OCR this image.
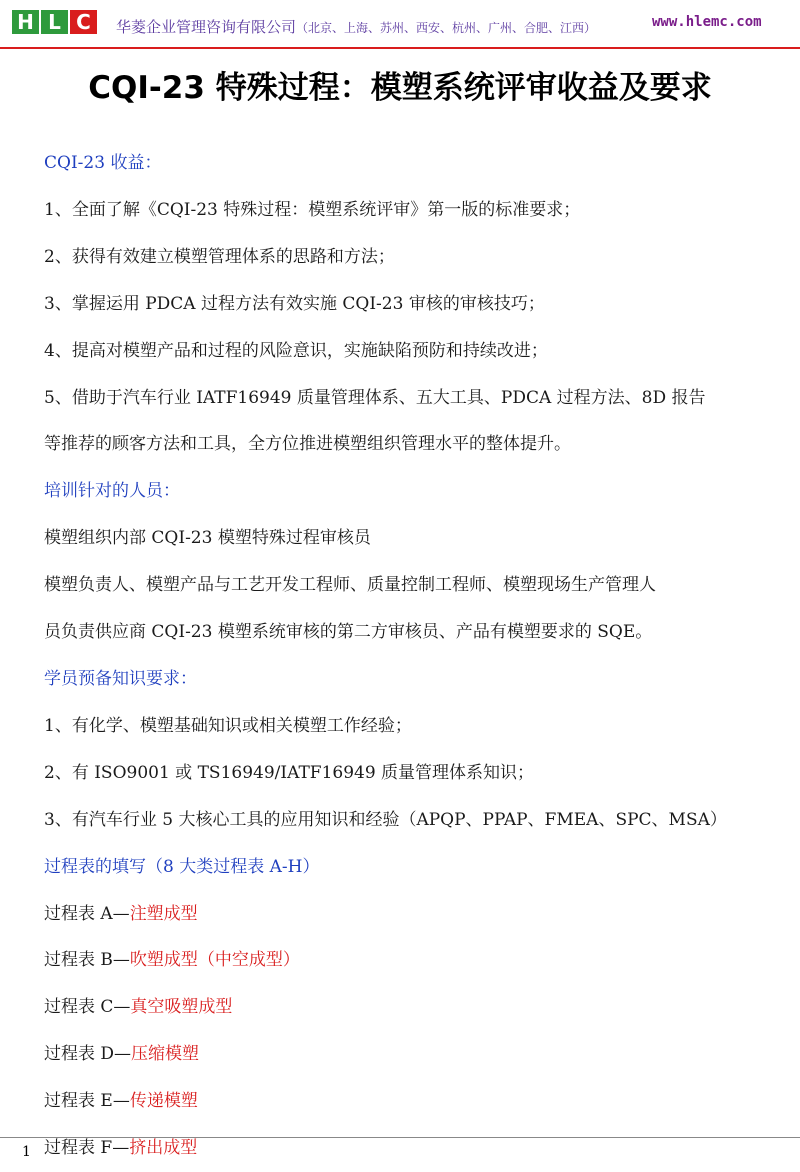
H L C	华菱企业管理咨询有限公司（北京、上海、苏州、西安、杭州、广州、合肥、江西）	www.hlemc.com
CQI-23 特殊过程：模塑系统评审收益及要求
CQI-23 收益：
1、全面了解《CQI-23 特殊过程：模塑系统评审》第一版的标准要求；
2、获得有效建立模塑管理体系的思路和方法；
3、掌握运用 PDCA 过程方法有效实施 CQI-23 审核的审核技巧；
4、提高对模塑产品和过程的风险意识，实施缺陷预防和持续改进；
5、借助于汽车行业 IATF16949 质量管理体系、五大工具、PDCA 过程方法、8D 报告
等推荐的顾客方法和工具，全方位推进模塑组织管理水平的整体提升。
培训针对的人员：
模塑组织内部 CQI-23 模塑特殊过程审核员
模塑负责人、模塑产品与工艺开发工程师、质量控制工程师、模塑现场生产管理人
员负责供应商 CQI-23 模塑系统审核的第二方审核员、产品有模塑要求的 SQE。
学员预备知识要求：
1、有化学、模塑基础知识或相关模塑工作经验；
2、有 ISO9001 或 TS16949/IATF16949 质量管理体系知识；
3、有汽车行业 5 大核心工具的应用知识和经验（APQP、PPAP、FMEA、SPC、MSA）
过程表的填写（8 大类过程表 A-H）
过程表 A—注塑成型
过程表 B—吹塑成型（中空成型）
过程表 C—真空吸塑成型
过程表 D—压缩模塑
过程表 E—传递模塑
过程表 F—挤出成型
1
